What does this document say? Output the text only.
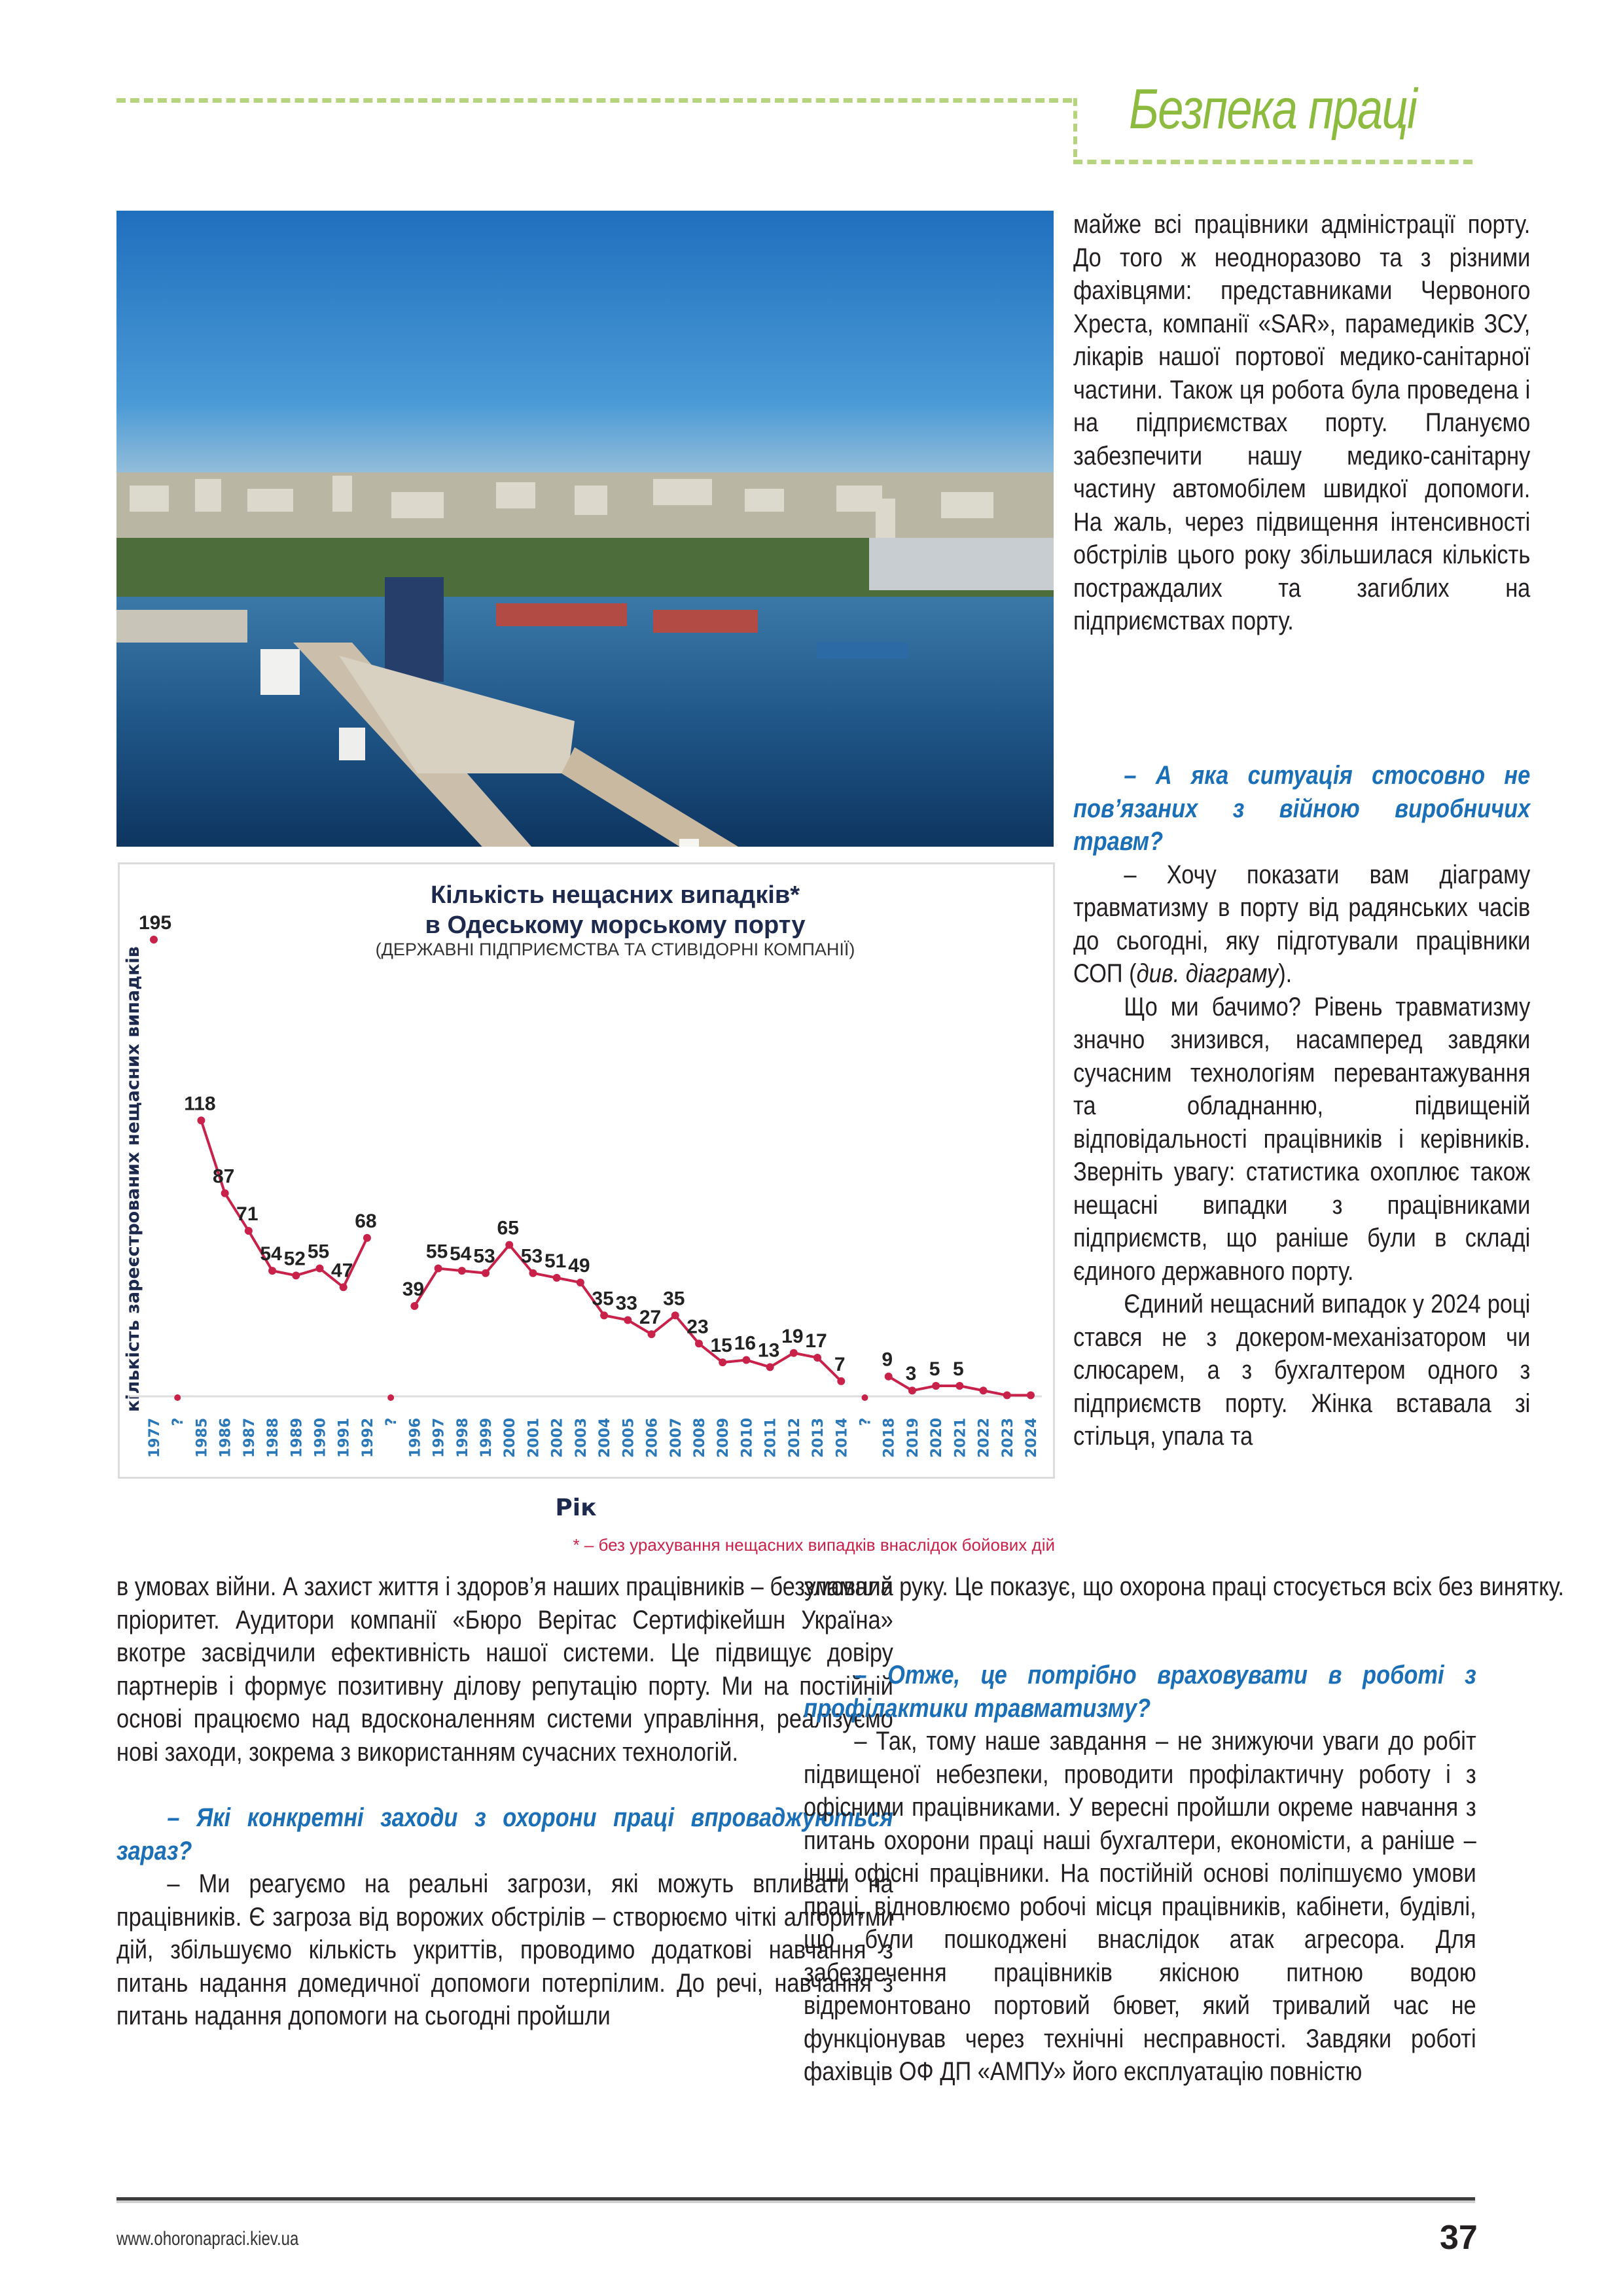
Безпека праці

майже всі працівники адміністрації порту. До того ж неодноразово та з різними фахівцями: представниками Червоного Хреста, компанії «SAR», парамедиків ЗСУ, лікарів нашої портової медико-санітарної частини. Також ця робота була проведена і на підприємствах порту. Плануємо забезпечити нашу медико-санітарну частину автомобілем швидкої допомоги. На жаль, через підвищення інтенсивності обстрілів цього року збільшилася кількість постраждалих та загиблих на підприємствах порту.

– А яка ситуація стосовно не пов’язаних з війною виробничих травм?

– Хочу показати вам діаграму травматизму в порту від радянських часів до сьогодні, яку підготували працівники СОП (див. діаграму).

Що ми бачимо? Рівень травматизму значно знизився, насамперед завдяки сучасним технологіям перевантажування та обладнанню, підвищеній відповідальності працівників і керівників. Зверніть увагу: статистика охоплює також нещасні випадки з працівниками підприємств, що раніше були в складі єдиного державного порту.

Єдиний нещасний випадок у 2024 році стався не з докером-механізатором чи слюсарем, а з бухгалтером одного з підприємств порту. Жінка вставала зі стільця, упала та

зламала руку. Це показує, що охорона праці стосується всіх без винятку.

Кількість нещасних випадків*
в Одеському морському порту
(ДЕРЖАВНІ ПІДПРИЄМСТВА ТА СТИВІДОРНІ КОМПАНІЇ)
кількість зареєстрованих нещасних випадків
195
118
87
71
54 52 55
47
68
39
55 54 53
65
53 51 49
35 33
27
35
23
15 16 13
19 17
7 9
3 5 5
1977 ? 1985 1986 1987 1988 1989 1990 1991 1992 ? 1996 1997 1998 1999 2000 2001 2002 2003 2004 2005 2006 2007 2008 2009 2010 2011 2012 2013 2014 ? 2018 2019 2020 2021 2022 2023 2024
Рік
* – без урахування нещасних випадків внаслідок бойових дій

в умовах війни. А захист життя і здоров’я наших працівників – безумовний пріоритет. Аудитори компанії «Бюро Верітас Сертифікейшн Україна» вкотре засвідчили ефективність нашої системи. Це підвищує довіру партнерів і формує позитивну ділову репутацію порту. Ми на постійній основі працюємо над вдосконаленням системи управління, реалізуємо нові заходи, зокрема з використанням сучасних технологій.

– Які конкретні заходи з охорони праці впроваджуються зараз?

– Ми реагуємо на реальні загрози, які можуть впливати на працівників. Є загроза від ворожих обстрілів – створюємо чіткі алгоритми дій, збільшуємо кількість укриттів, проводимо додаткові навчання з питань надання домедичної допомоги потерпілим. До речі, навчання з питань надання допомоги на сьогодні пройшли

– Отже, це потрібно враховувати в роботі з профілактики травматизму?

– Так, тому наше завдання – не знижуючи уваги до робіт підвищеної небезпеки, проводити профілактичну роботу і з офісними працівниками. У вересні пройшли окреме навчання з питань охорони праці наші бухгалтери, економісти, а раніше – інші офісні працівники. На постійній основі поліпшуємо умови праці, відновлюємо робочі місця працівників, кабінети, будівлі, що були пошкоджені внаслідок атак агресора. Для забезпечення працівників якісною питною водою відремонтовано портовий бювет, який тривалий час не функціонував через технічні несправності. Завдяки роботі фахівців ОФ ДП «АМПУ» його експлуатацію повністю

www.ohoronapraci.kiev.ua	37
